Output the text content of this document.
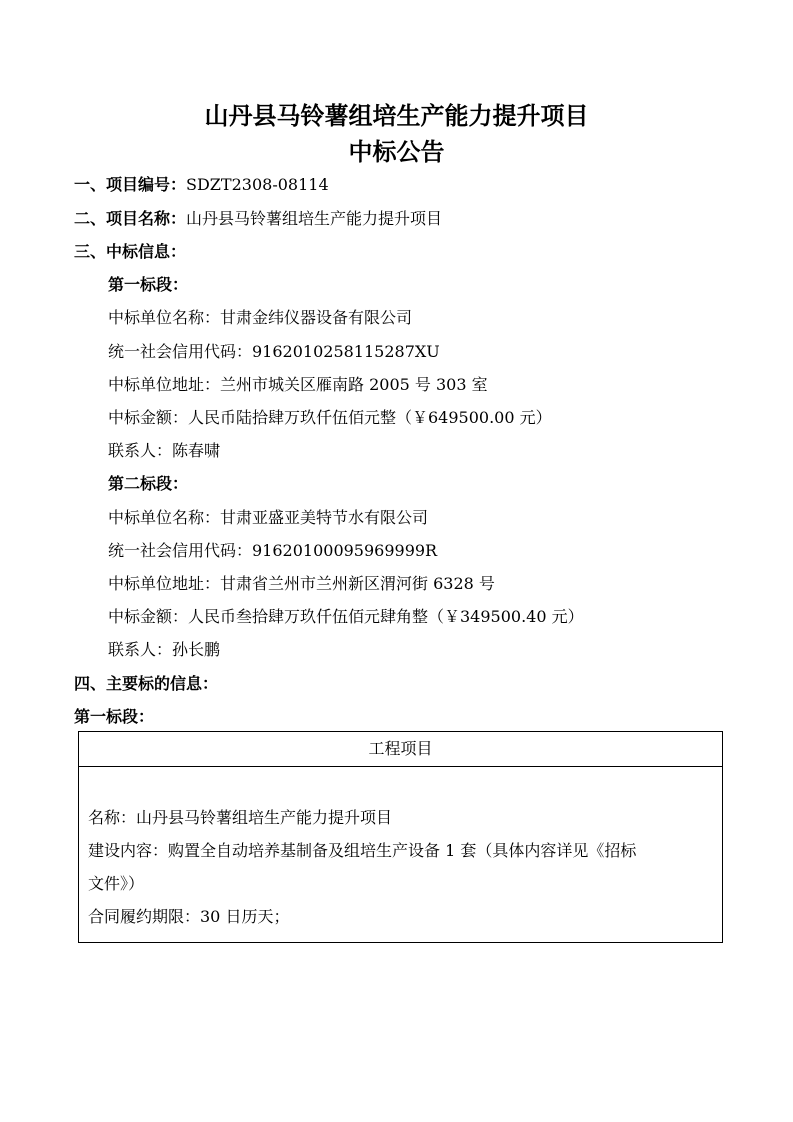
山丹县马铃薯组培生产能力提升项目
中标公告
一、项目编号：SDZT2308-08114
二、项目名称：山丹县马铃薯组培生产能力提升项目
三、中标信息：
第一标段：
中标单位名称：甘肃金纬仪器设备有限公司
统一社会信用代码：9162010258115287XU
中标单位地址：兰州市城关区雁南路 2005 号 303 室
中标金额：人民币陆拾肆万玖仟伍佰元整（￥649500.00 元）
联系人：陈春啸
第二标段：
中标单位名称：甘肃亚盛亚美特节水有限公司
统一社会信用代码：91620100095969999R
中标单位地址：甘肃省兰州市兰州新区渭河街 6328 号
中标金额：人民币叁拾肆万玖仟伍佰元肆角整（￥349500.40 元）
联系人：孙长鹏
四、主要标的信息：
第一标段：
工程项目
名称：山丹县马铃薯组培生产能力提升项目
建设内容：购置全自动培养基制备及组培生产设备 1 套（具体内容详见《招标
文件》）
合同履约期限：30 日历天；
